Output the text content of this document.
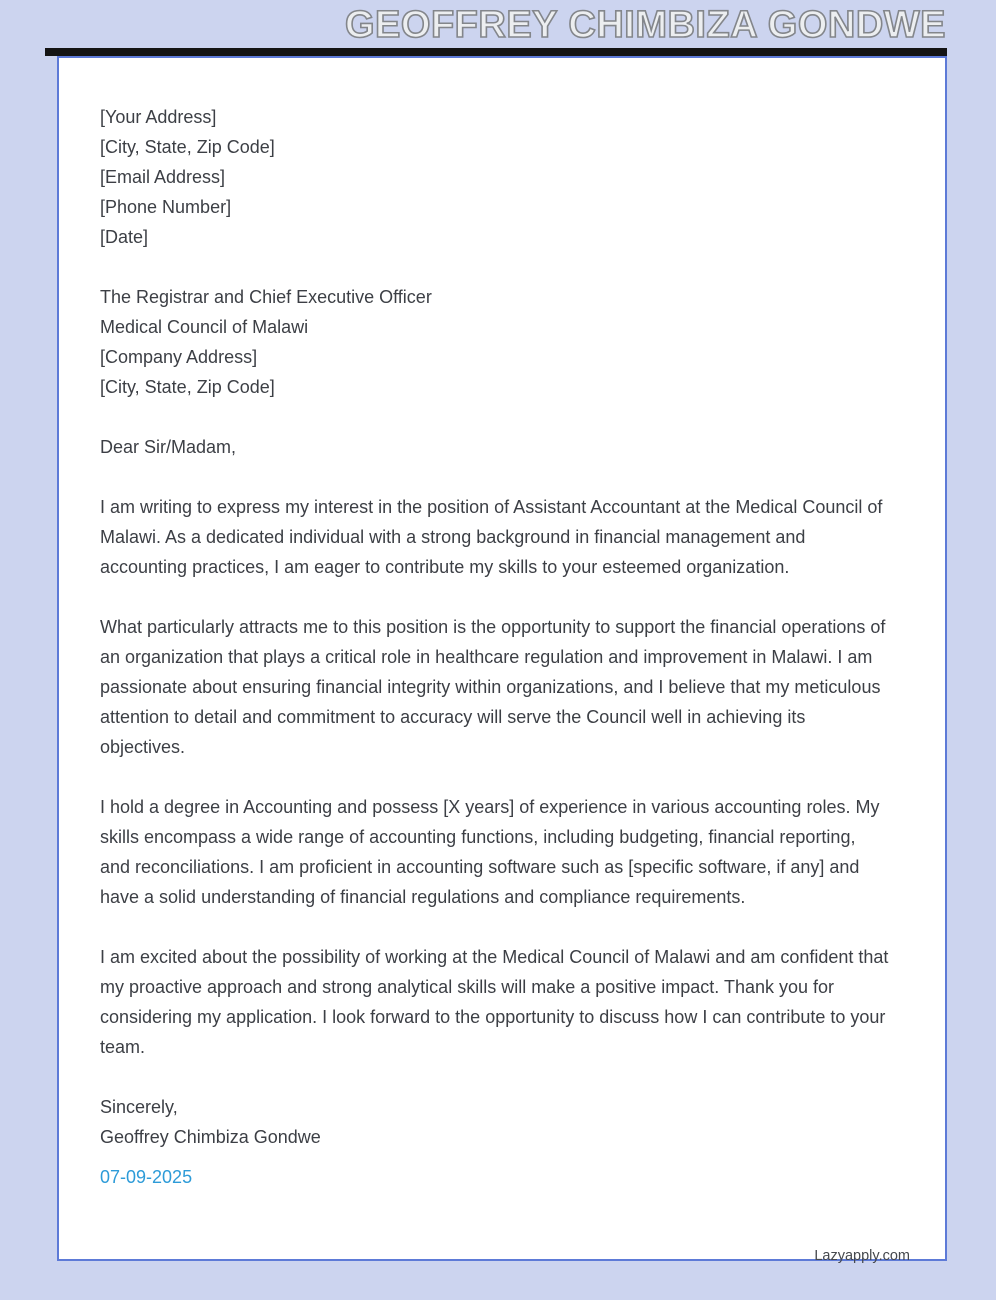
GEOFFREY CHIMBIZA GONDWE
[Your Address]
[City, State, Zip Code]
[Email Address]
[Phone Number]
[Date]
The Registrar and Chief Executive Officer
Medical Council of Malawi
[Company Address]
[City, State, Zip Code]

Dear Sir/Madam,

I am writing to express my interest in the position of Assistant Accountant at the Medical Council of Malawi. As a dedicated individual with a strong background in financial management and accounting practices, I am eager to contribute my skills to your esteemed organization.

What particularly attracts me to this position is the opportunity to support the financial operations of an organization that plays a critical role in healthcare regulation and improvement in Malawi. I am passionate about ensuring financial integrity within organizations, and I believe that my meticulous attention to detail and commitment to accuracy will serve the Council well in achieving its objectives.

I hold a degree in Accounting and possess [X years] of experience in various accounting roles. My skills encompass a wide range of accounting functions, including budgeting, financial reporting, and reconciliations. I am proficient in accounting software such as [specific software, if any] and have a solid understanding of financial regulations and compliance requirements.

I am excited about the possibility of working at the Medical Council of Malawi and am confident that my proactive approach and strong analytical skills will make a positive impact. Thank you for considering my application. I look forward to the opportunity to discuss how I can contribute to your team.

Sincerely,
Geoffrey Chimbiza Gondwe
07-09-2025
Lazyapply.com
